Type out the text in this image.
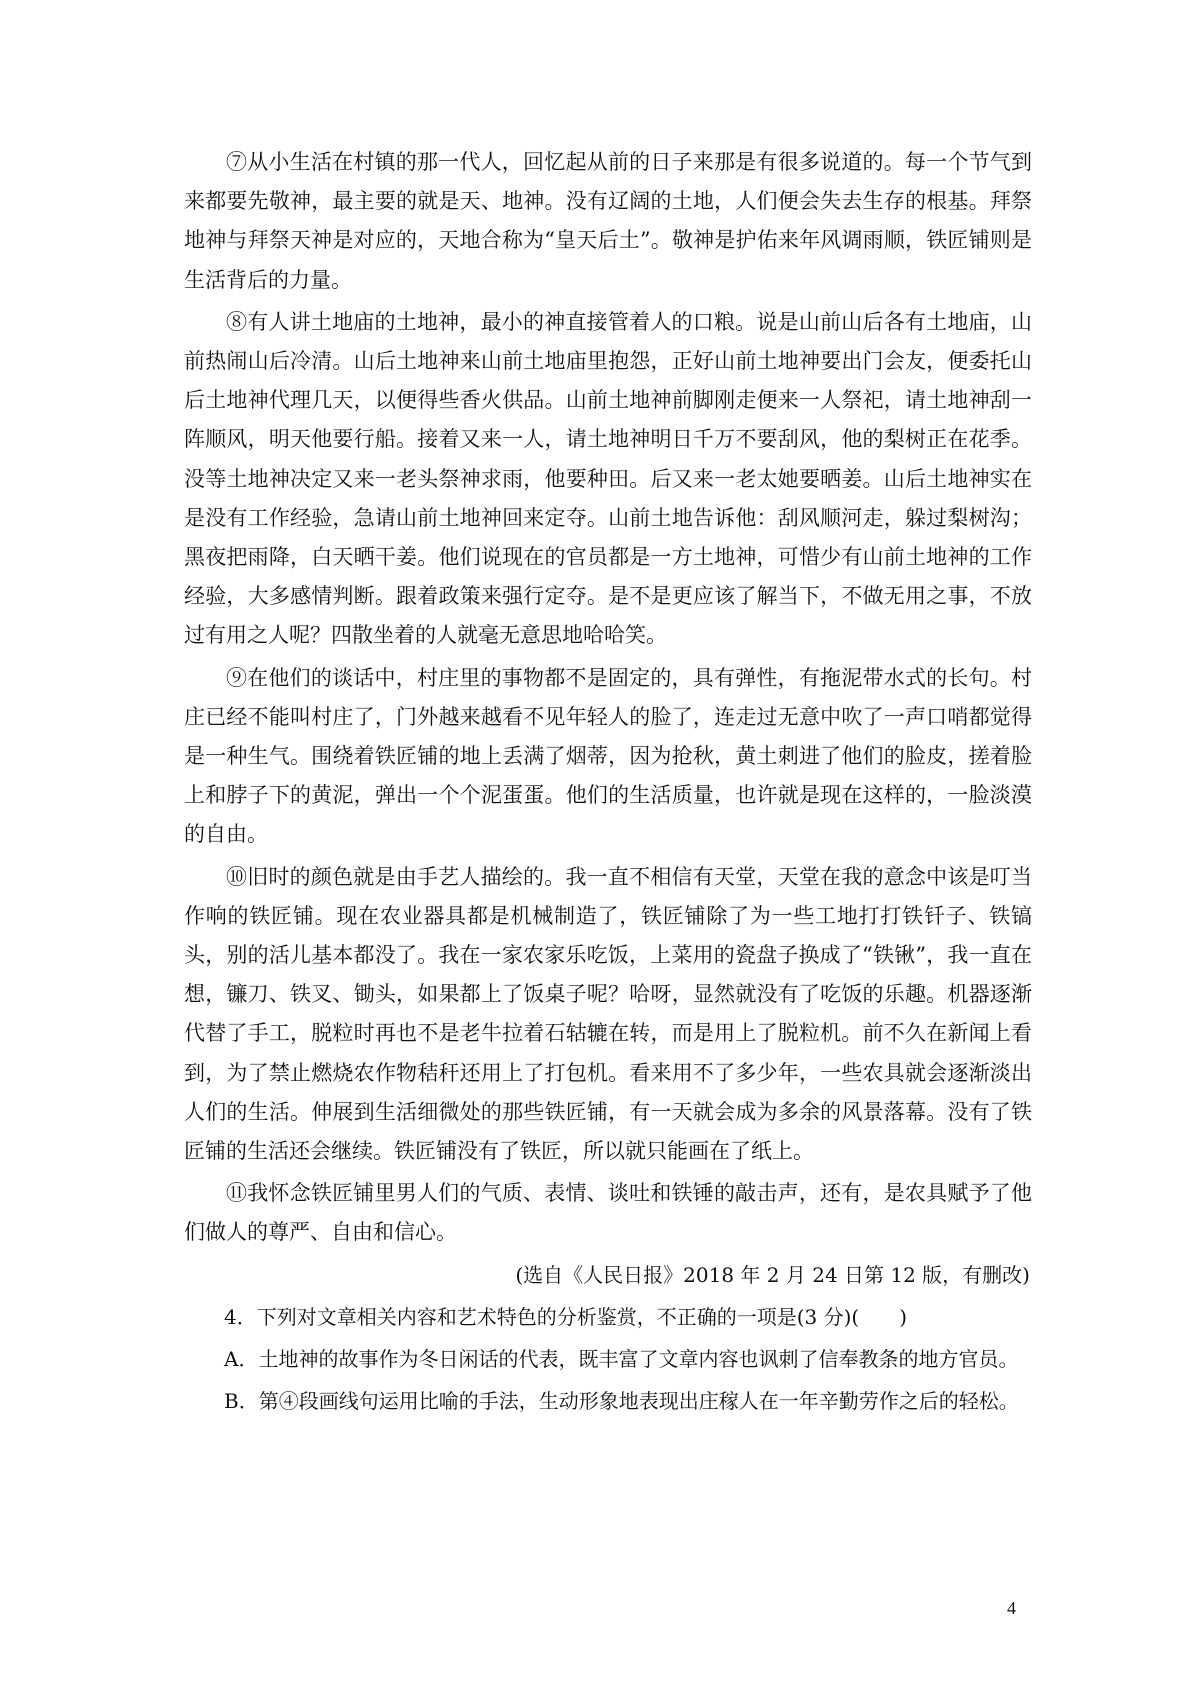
⑦从小生活在村镇的那一代人，回忆起从前的日子来那是有很多说道的。每一个节气到来都要先敬神，最主要的就是天、地神。没有辽阔的土地，人们便会失去生存的根基。拜祭地神与拜祭天神是对应的，天地合称为“皇天后土”。敬神是护佑来年风调雨顺，铁匠铺则是生活背后的力量。

⑧有人讲土地庙的土地神，最小的神直接管着人的口粮。说是山前山后各有土地庙，山前热闹山后冷清。山后土地神来山前土地庙里抱怨，正好山前土地神要出门会友，便委托山后土地神代理几天，以便得些香火供品。山前土地神前脚刚走便来一人祭祀，请土地神刮一阵顺风，明天他要行船。接着又来一人，请土地神明日千万不要刮风，他的梨树正在花季。没等土地神决定又来一老头祭神求雨，他要种田。后又来一老太她要晒姜。山后土地神实在是没有工作经验，急请山前土地神回来定夺。山前土地告诉他：刮风顺河走，躲过梨树沟；黑夜把雨降，白天晒干姜。他们说现在的官员都是一方土地神，可惜少有山前土地神的工作经验，大多感情判断。跟着政策来强行定夺。是不是更应该了解当下，不做无用之事，不放过有用之人呢？四散坐着的人就毫无意思地哈哈笑。

⑨在他们的谈话中，村庄里的事物都不是固定的，具有弹性，有拖泥带水式的长句。村庄已经不能叫村庄了，门外越来越看不见年轻人的脸了，连走过无意中吹了一声口哨都觉得是一种生气。围绕着铁匠铺的地上丢满了烟蒂，因为抢秋，黄土刺进了他们的脸皮，搓着脸上和脖子下的黄泥，弹出一个个泥蛋蛋。他们的生活质量，也许就是现在这样的，一脸淡漠的自由。

⑩旧时的颜色就是由手艺人描绘的。我一直不相信有天堂，天堂在我的意念中该是叮当作响的铁匠铺。现在农业器具都是机械制造了，铁匠铺除了为一些工地打打铁钎子、铁镐头，别的活儿基本都没了。我在一家农家乐吃饭，上菜用的瓷盘子换成了“铁锹”，我一直在想，镰刀、铁叉、锄头，如果都上了饭桌子呢？哈呀，显然就没有了吃饭的乐趣。机器逐渐代替了手工，脱粒时再也不是老牛拉着石轱辘在转，而是用上了脱粒机。前不久在新闻上看到，为了禁止燃烧农作物秸秆还用上了打包机。看来用不了多少年，一些农具就会逐渐淡出人们的生活。伸展到生活细微处的那些铁匠铺，有一天就会成为多余的风景落幕。没有了铁匠铺的生活还会继续。铁匠铺没有了铁匠，所以就只能画在了纸上。

⑪我怀念铁匠铺里男人们的气质、表情、谈吐和铁锤的敲击声，还有，是农具赋予了他们做人的尊严、自由和信心。

(选自《人民日报》2018 年 2 月 24 日第 12 版，有删改)

4．下列对文章相关内容和艺术特色的分析鉴赏，不正确的一项是(3 分)(　　)

A．土地神的故事作为冬日闲话的代表，既丰富了文章内容也讽刺了信奉教条的地方官员。

B．第④段画线句运用比喻的手法，生动形象地表现出庄稼人在一年辛勤劳作之后的轻松。

4
